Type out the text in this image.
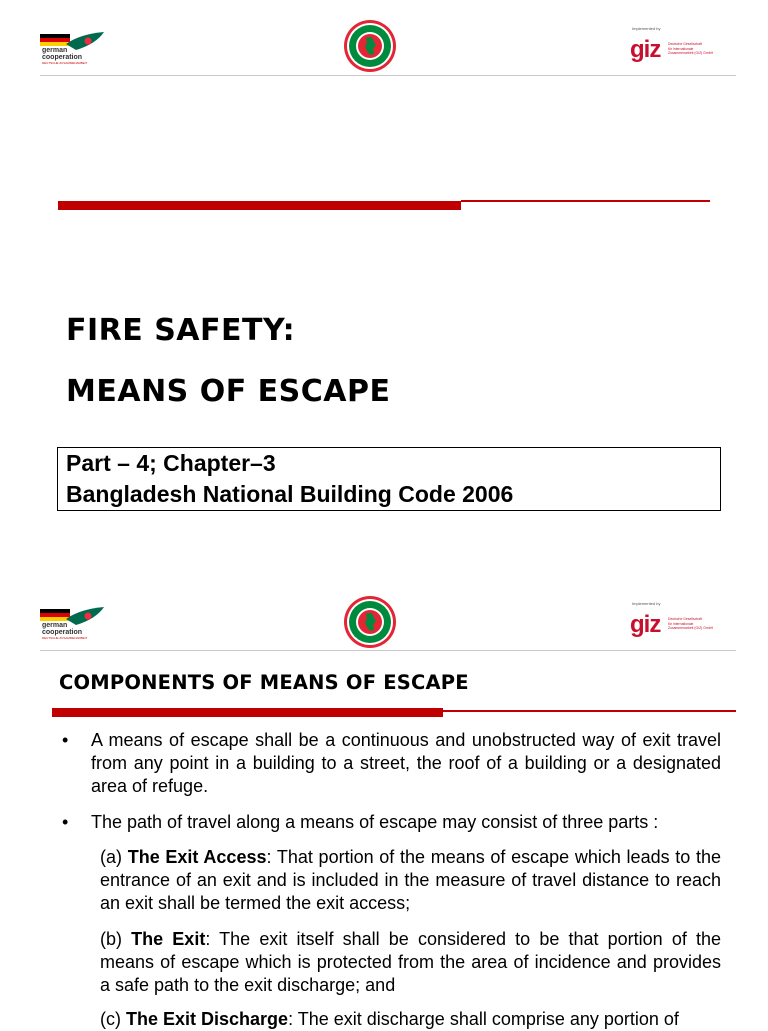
german
cooperation
DEUTSCHE ZUSAMMENARBEIT
Implemented by
giz Deutsche Gesellschaft
für Internationale
Zusammenarbeit (GIZ) GmbH
FIRE SAFETY:
MEANS OF ESCAPE
Part – 4; Chapter–3
Bangladesh National Building Code 2006
german
cooperation
DEUTSCHE ZUSAMMENARBEIT
Implemented by
giz Deutsche Gesellschaft
für Internationale
Zusammenarbeit (GIZ) GmbH
COMPONENTS OF MEANS OF ESCAPE
• A means of escape shall be a continuous and unobstructed way of exit travel from any point in a building to a street, the roof of a building or a designated area of refuge.
• The path of travel along a means of escape may consist of three parts :
(a) The Exit Access: That portion of the means of escape which leads to the entrance of an exit and is included in the measure of travel distance to reach an exit shall be termed the exit access;
(b) The Exit: The exit itself shall be considered to be that portion of the means of escape which is protected from the area of incidence and provides a safe path to the exit discharge; and
(c) The Exit Discharge: The exit discharge shall comprise any portion of
